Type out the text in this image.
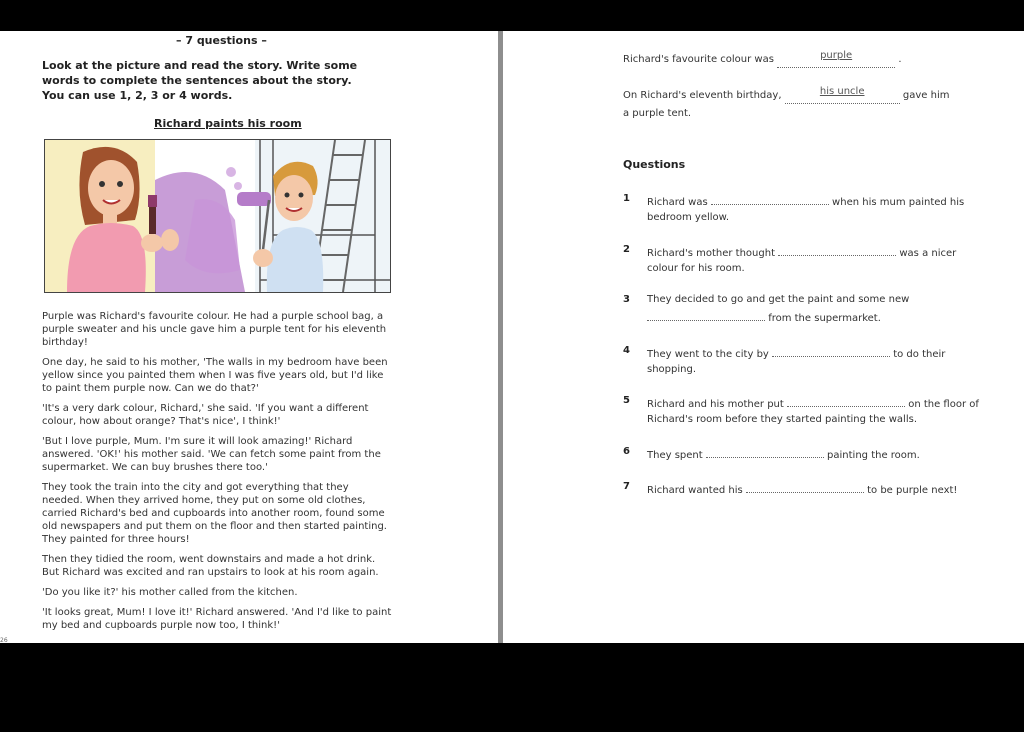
– 7 questions –
Look at the picture and read the story. Write some words to complete the sentences about the story. You can use 1, 2, 3 or 4 words.
Richard paints his room

Purple was Richard's favourite colour. He had a purple school bag, a purple sweater and his uncle gave him a purple tent for his eleventh birthday!

One day, he said to his mother, 'The walls in my bedroom have been yellow since you painted them when I was five years old, but I'd like to paint them purple now. Can we do that?'

'It's a very dark colour, Richard,' she said. 'If you want a different colour, how about orange? That's nice', I think!'

'But I love purple, Mum. I'm sure it will look amazing!' Richard answered. 'OK!' his mother said. 'We can fetch some paint from the supermarket. We can buy brushes there too.'

They took the train into the city and got everything that they needed. When they arrived home, they put on some old clothes, carried Richard's bed and cupboards into another room, found some old newspapers and put them on the floor and then started painting. They painted for three hours!

Then they tidied the room, went downstairs and made a hot drink. But Richard was excited and ran upstairs to look at his room again.

'Do you like it?' his mother called from the kitchen.

'It looks great, Mum! I love it!' Richard answered. 'And I'd like to paint my bed and cupboards purple now too, I think!'

26
Richard's favourite colour was	purple	.
On Richard's eleventh birthday,	his uncle	gave him a purple tent.
Questions
1 Richard was	when his mum painted his bedroom yellow.
2 Richard's mother thought	was a nicer colour for his room.
3 They decided to go and get the paint and some new
from the supermarket.
4 They went to the city by	to do their shopping.
5 Richard and his mother put	on the floor of Richard's room before they started painting the walls.
6 They spent	painting the room.
7 Richard wanted his	to be purple next!
